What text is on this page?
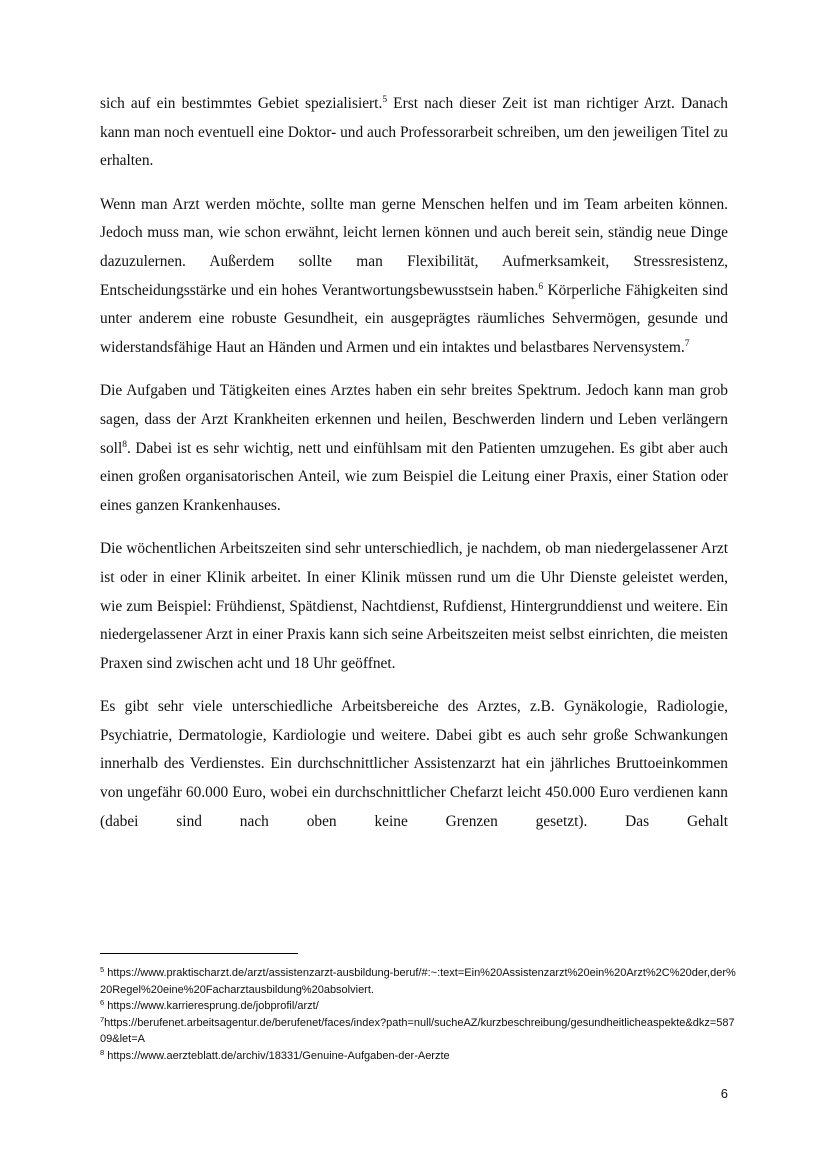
sich auf ein bestimmtes Gebiet spezialisiert.$^5$ Erst nach dieser Zeit ist man richtiger Arzt. Danach kann man noch eventuell eine Doktor- und auch Professorarbeit schreiben, um den jeweiligen Titel zu erhalten.

Wenn man Arzt werden möchte, sollte man gerne Menschen helfen und im Team arbeiten können. Jedoch muss man, wie schon erwähnt, leicht lernen können und auch bereit sein, ständig neue Dinge dazuzulernen. Außerdem sollte man Flexibilität, Aufmerksamkeit, Stressresistenz, Entscheidungsstärke und ein hohes Verantwortungsbewusstsein haben.$^6$ Körperliche Fähigkeiten sind unter anderem eine robuste Gesundheit, ein ausgeprägtes räumliches Sehvermögen, gesunde und widerstandsfähige Haut an Händen und Armen und ein intaktes und belastbares Nervensystem.$^7$

Die Aufgaben und Tätigkeiten eines Arztes haben ein sehr breites Spektrum. Jedoch kann man grob sagen, dass der Arzt Krankheiten erkennen und heilen, Beschwerden lindern und Leben verlängern soll$^8$. Dabei ist es sehr wichtig, nett und einfühlsam mit den Patienten umzugehen. Es gibt aber auch einen großen organisatorischen Anteil, wie zum Beispiel die Leitung einer Praxis, einer Station oder eines ganzen Krankenhauses.

Die wöchentlichen Arbeitszeiten sind sehr unterschiedlich, je nachdem, ob man niedergelassener Arzt ist oder in einer Klinik arbeitet. In einer Klinik müssen rund um die Uhr Dienste geleistet werden, wie zum Beispiel: Frühdienst, Spätdienst, Nachtdienst, Rufdienst, Hintergrunddienst und weitere. Ein niedergelassener Arzt in einer Praxis kann sich seine Arbeitszeiten meist selbst einrichten, die meisten Praxen sind zwischen acht und 18 Uhr geöffnet.

Es gibt sehr viele unterschiedliche Arbeitsbereiche des Arztes, z.B. Gynäkologie, Radiologie, Psychiatrie, Dermatologie, Kardiologie und weitere. Dabei gibt es auch sehr große Schwankungen innerhalb des Verdienstes. Ein durchschnittlicher Assistenzarzt hat ein jährliches Bruttoeinkommen von ungefähr 60.000 Euro, wobei ein durchschnittlicher Chefarzt leicht 450.000 Euro verdienen kann (dabei sind nach oben keine Grenzen gesetzt). Das Gehalt

$^5$ https://www.praktischarzt.de/arzt/assistenzarzt-ausbildung-beruf/#:~:text=Ein%20Assistenzarzt%20ein%20Arzt%2C%20der,der%20Regel%20eine%20Facharztausbildung%20absolviert.

$^6$ https://www.karrieresprung.de/jobprofil/arzt/

$^7$https://berufenet.arbeitsagentur.de/berufenet/faces/index?path=null/sucheAZ/kurzbeschreibung/gesundheitlicheaspekte&dkz=58709&let=A

$^8$ https://www.aerzteblatt.de/archiv/18331/Genuine-Aufgaben-der-Aerzte

6
